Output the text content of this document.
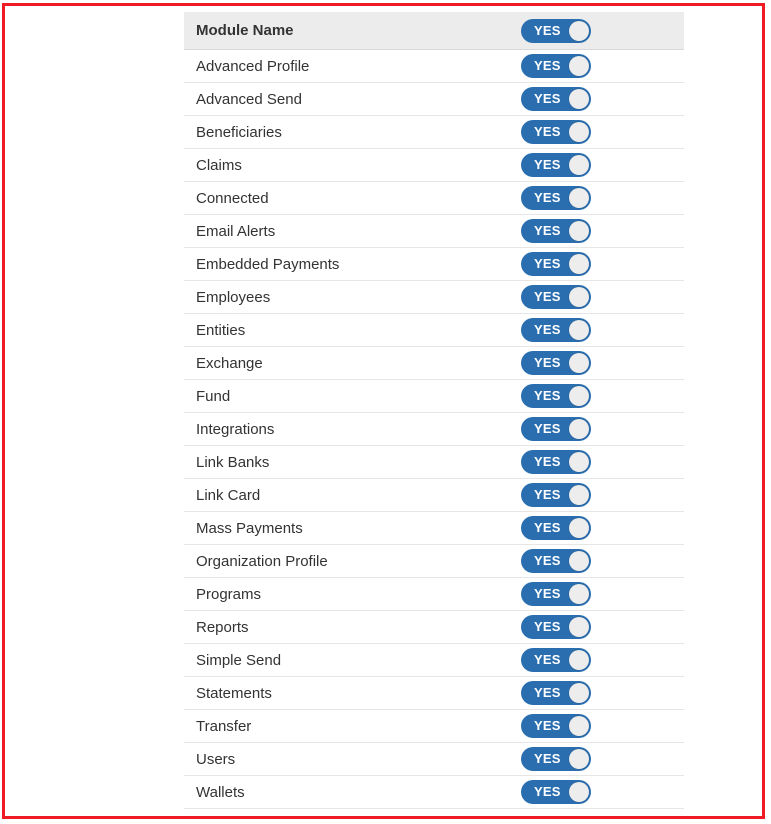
Module Name	YES
Advanced Profile	YES
Advanced Send	YES
Beneficiaries	YES
Claims	YES
Connected	YES
Email Alerts	YES
Embedded Payments	YES
Employees	YES
Entities	YES
Exchange	YES
Fund	YES
Integrations	YES
Link Banks	YES
Link Card	YES
Mass Payments	YES
Organization Profile	YES
Programs	YES
Reports	YES
Simple Send	YES
Statements	YES
Transfer	YES
Users	YES
Wallets	YES
